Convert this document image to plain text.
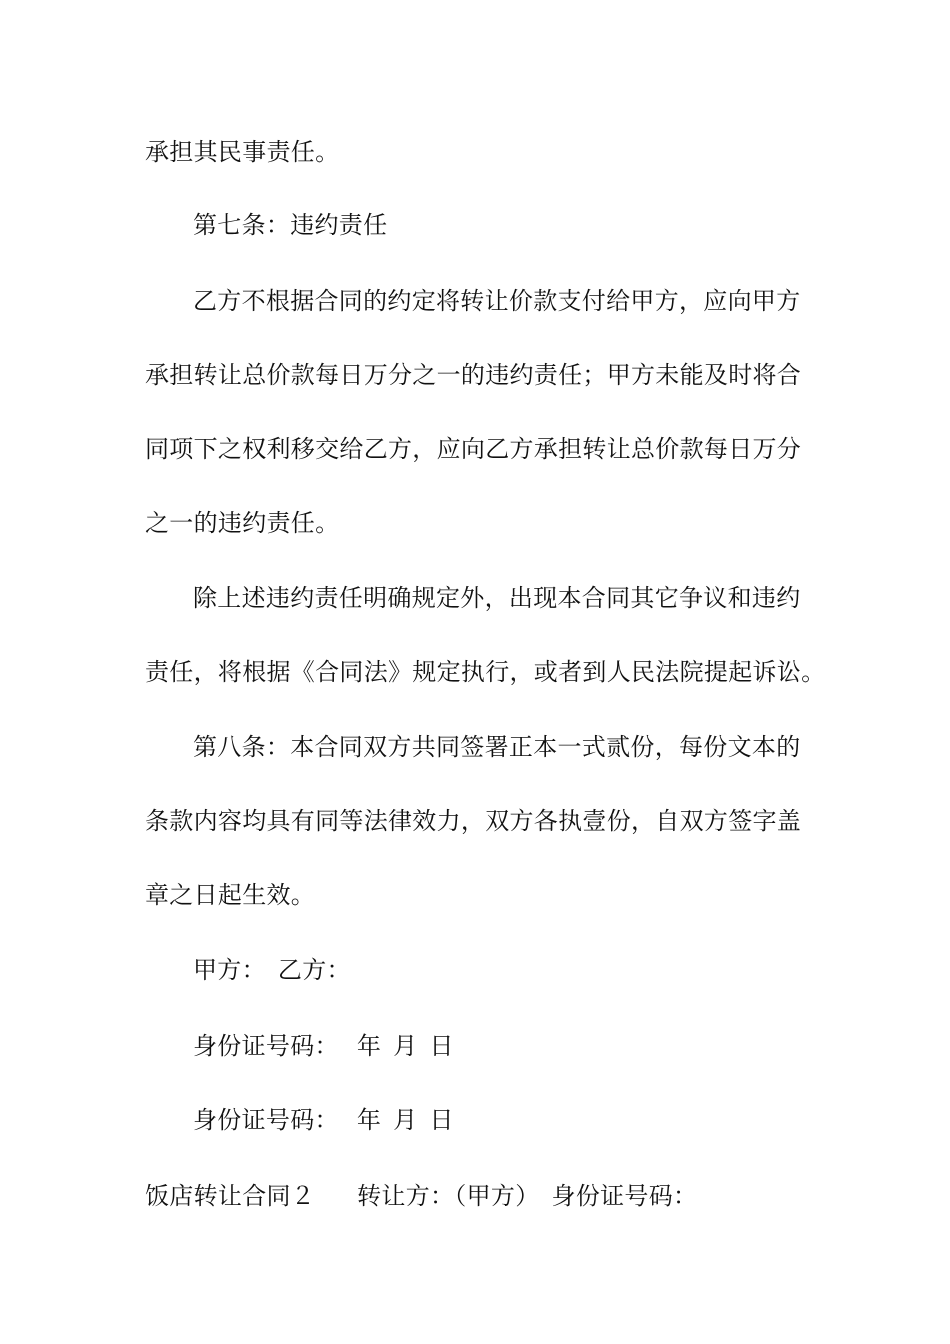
承担其民事责任。
第七条：违约责任
乙方不根据合同的约定将转让价款支付给甲方，应向甲方
承担转让总价款每日万分之一的违约责任；甲方未能及时将合
同项下之权利移交给乙方，应向乙方承担转让总价款每日万分
之一的违约责任。
除上述违约责任明确规定外，出现本合同其它争议和违约
责任，将根据《合同法》规定执行，或者到人民法院提起诉讼。
第八条：本合同双方共同签署正本一式贰份，每份文本的
条款内容均具有同等法律效力，双方各执壹份，自双方签字盖
章之日起生效。
甲方： 乙方：
身份证号码： 年 月 日
身份证号码： 年 月 日
饭店转让合同２ 转让方：（甲方） 身份证号码：
